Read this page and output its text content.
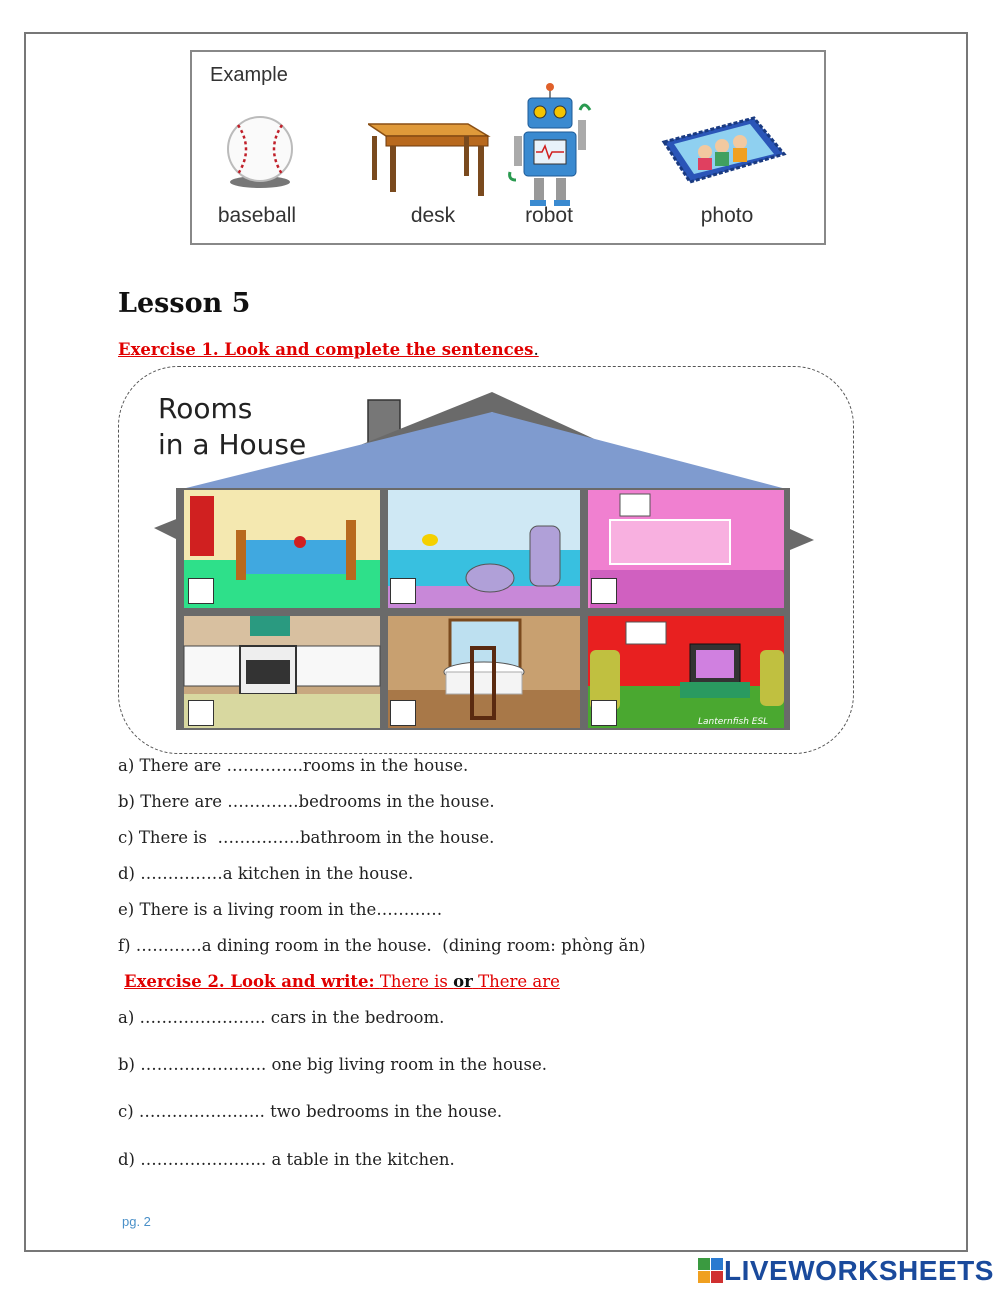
Example
baseball	desk	robot	photo
Lesson 5
Exercise 1. Look and complete the sentences.
Rooms
in a House
Lanternfish ESL
a) There are …………..rooms in the house.
b) There are ………….bedrooms in the house.
c) There is  ……………bathroom in the house.
d) ……………a kitchen in the house.
e) There is a living room in the…………
f) …………a dining room in the house.  (dining room: phòng ăn)
Exercise 2. Look and write: There is or There are
a) ………………….. cars in the bedroom.
b) ………………….. one big living room in the house.
c) ………………….. two bedrooms in the house.
d) ………………….. a table in the kitchen.
pg. 2
LIVEWORKSHEETS
